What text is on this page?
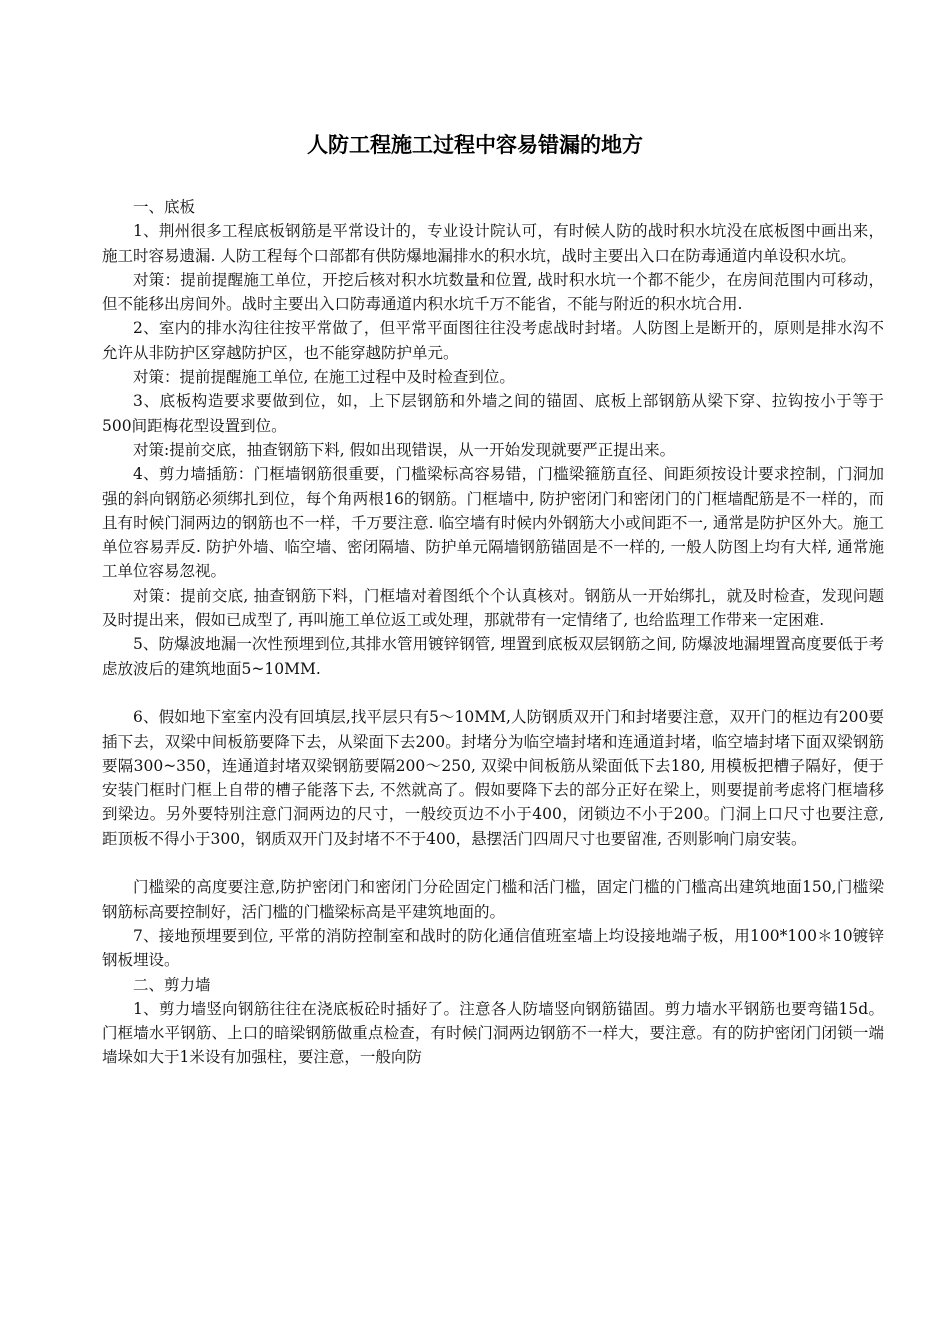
人防工程施工过程中容易错漏的地方

一、底板

1、荆州很多工程底板钢筋是平常设计的，专业设计院认可，有时候人防的战时积水坑没在底板图中画出来，施工时容易遗漏. 人防工程每个口部都有供防爆地漏排水的积水坑，战时主要出入口在防毒通道内单设积水坑。

对策：提前提醒施工单位，开挖后核对积水坑数量和位置, 战时积水坑一个都不能少，在房间范围内可移动，但不能移出房间外。战时主要出入口防毒通道内积水坑千万不能省，不能与附近的积水坑合用.

2、室内的排水沟往往按平常做了，但平常平面图往往没考虑战时封堵。人防图上是断开的，原则是排水沟不允许从非防护区穿越防护区，也不能穿越防护单元。

对策：提前提醒施工单位, 在施工过程中及时检查到位。

3、底板构造要求要做到位，如，上下层钢筋和外墙之间的锚固、底板上部钢筋从梁下穿、拉钩按小于等于500间距梅花型设置到位。

对策:提前交底，抽查钢筋下料, 假如出现错误，从一开始发现就要严正提出来。

4、剪力墙插筋：门框墙钢筋很重要，门槛梁标高容易错，门槛梁箍筋直径、间距须按设计要求控制，门洞加强的斜向钢筋必须绑扎到位，每个角两根16的钢筋。门框墙中, 防护密闭门和密闭门的门框墙配筋是不一样的，而且有时候门洞两边的钢筋也不一样，千万要注意. 临空墙有时候内外钢筋大小或间距不一, 通常是防护区外大。施工单位容易弄反. 防护外墙、临空墙、密闭隔墙、防护单元隔墙钢筋锚固是不一样的, 一般人防图上均有大样, 通常施工单位容易忽视。

对策：提前交底, 抽查钢筋下料，门框墙对着图纸个个认真核对。钢筋从一开始绑扎，就及时检查，发现问题及时提出来，假如已成型了, 再叫施工单位返工或处理，那就带有一定情绪了, 也给监理工作带来一定困难.

5、防爆波地漏一次性预埋到位,其排水管用镀锌钢管, 埋置到底板双层钢筋之间, 防爆波地漏埋置高度要低于考虑放波后的建筑地面5~10MM.

6、假如地下室室内没有回填层,找平层只有5～10MM,人防钢质双开门和封堵要注意，双开门的框边有200要插下去，双梁中间板筋要降下去，从梁面下去200。封堵分为临空墙封堵和连通道封堵，临空墙封堵下面双梁钢筋要隔300~350，连通道封堵双梁钢筋要隔200～250, 双梁中间板筋从梁面低下去180, 用模板把槽子隔好，便于安装门框时门框上自带的槽子能落下去, 不然就高了。假如要降下去的部分正好在梁上，则要提前考虑将门框墙移到梁边。另外要特别注意门洞两边的尺寸，一般绞页边不小于400，闭锁边不小于200。门洞上口尺寸也要注意, 距顶板不得小于300，钢质双开门及封堵不不于400，悬摆活门四周尺寸也要留准, 否则影响门扇安装。

门槛梁的高度要注意,防护密闭门和密闭门分砼固定门槛和活门槛，固定门槛的门槛高出建筑地面150,门槛梁钢筋标高要控制好，活门槛的门槛梁标高是平建筑地面的。

7、接地预埋要到位, 平常的消防控制室和战时的防化通信值班室墙上均设接地端子板，用100*100＊10镀锌钢板埋设。

二、剪力墙

1、剪力墙竖向钢筋往往在浇底板砼时插好了。注意各人防墙竖向钢筋锚固。剪力墙水平钢筋也要弯锚15d。门框墙水平钢筋、上口的暗梁钢筋做重点检查，有时候门洞两边钢筋不一样大，要注意。有的防护密闭门闭锁一端墙垛如大于1米设有加强柱，要注意，一般向防
